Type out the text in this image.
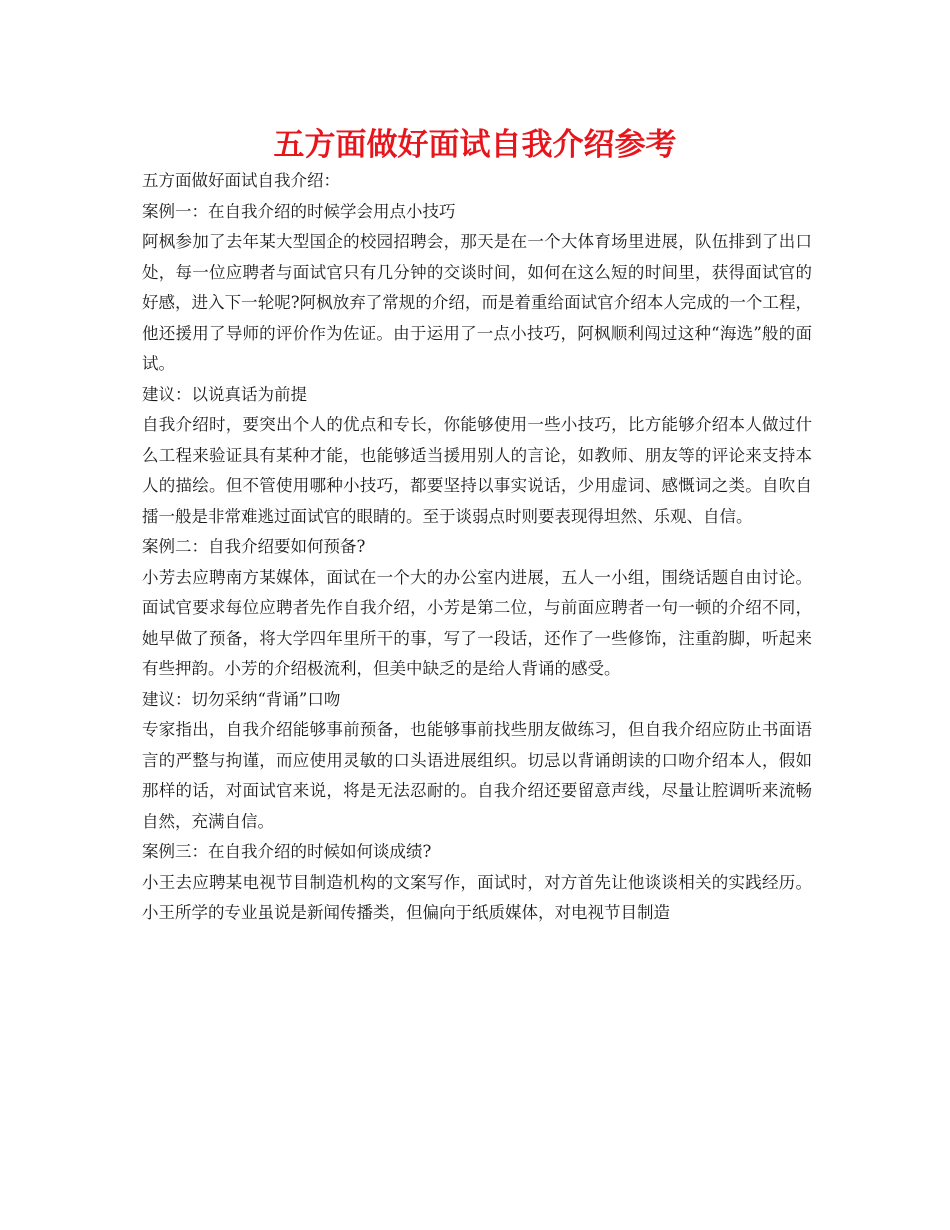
五方面做好面试自我介绍参考

五方面做好面试自我介绍：

案例一：在自我介绍的时候学会用点小技巧

阿枫参加了去年某大型国企的校园招聘会，那天是在一个大体育场里进展，队伍排到了出口处，每一位应聘者与面试官只有几分钟的交谈时间，如何在这么短的时间里，获得面试官的好感，进入下一轮呢?阿枫放弃了常规的介绍，而是着重给面试官介绍本人完成的一个工程，他还援用了导师的评价作为佐证。由于运用了一点小技巧，阿枫顺利闯过这种“海选”般的面试。

建议：以说真话为前提

自我介绍时，要突出个人的优点和专长，你能够使用一些小技巧，比方能够介绍本人做过什么工程来验证具有某种才能，也能够适当援用别人的言论，如教师、朋友等的评论来支持本人的描绘。但不管使用哪种小技巧，都要坚持以事实说话，少用虚词、感慨词之类。自吹自擂一般是非常难逃过面试官的眼睛的。至于谈弱点时则要表现得坦然、乐观、自信。

案例二：自我介绍要如何预备?

小芳去应聘南方某媒体，面试在一个大的办公室内进展，五人一小组，围绕话题自由讨论。面试官要求每位应聘者先作自我介绍，小芳是第二位，与前面应聘者一句一顿的介绍不同，她早做了预备，将大学四年里所干的事，写了一段话，还作了一些修饰，注重韵脚，听起来有些押韵。小芳的介绍极流利，但美中缺乏的是给人背诵的感受。

建议：切勿采纳“背诵”口吻

专家指出，自我介绍能够事前预备，也能够事前找些朋友做练习，但自我介绍应防止书面语言的严整与拘谨，而应使用灵敏的口头语进展组织。切忌以背诵朗读的口吻介绍本人，假如那样的话，对面试官来说，将是无法忍耐的。自我介绍还要留意声线，尽量让腔调听来流畅自然，充满自信。

案例三：在自我介绍的时候如何谈成绩?

小王去应聘某电视节目制造机构的文案写作，面试时，对方首先让他谈谈相关的实践经历。小王所学的专业虽说是新闻传播类，但偏向于纸质媒体，对电视节目制造
